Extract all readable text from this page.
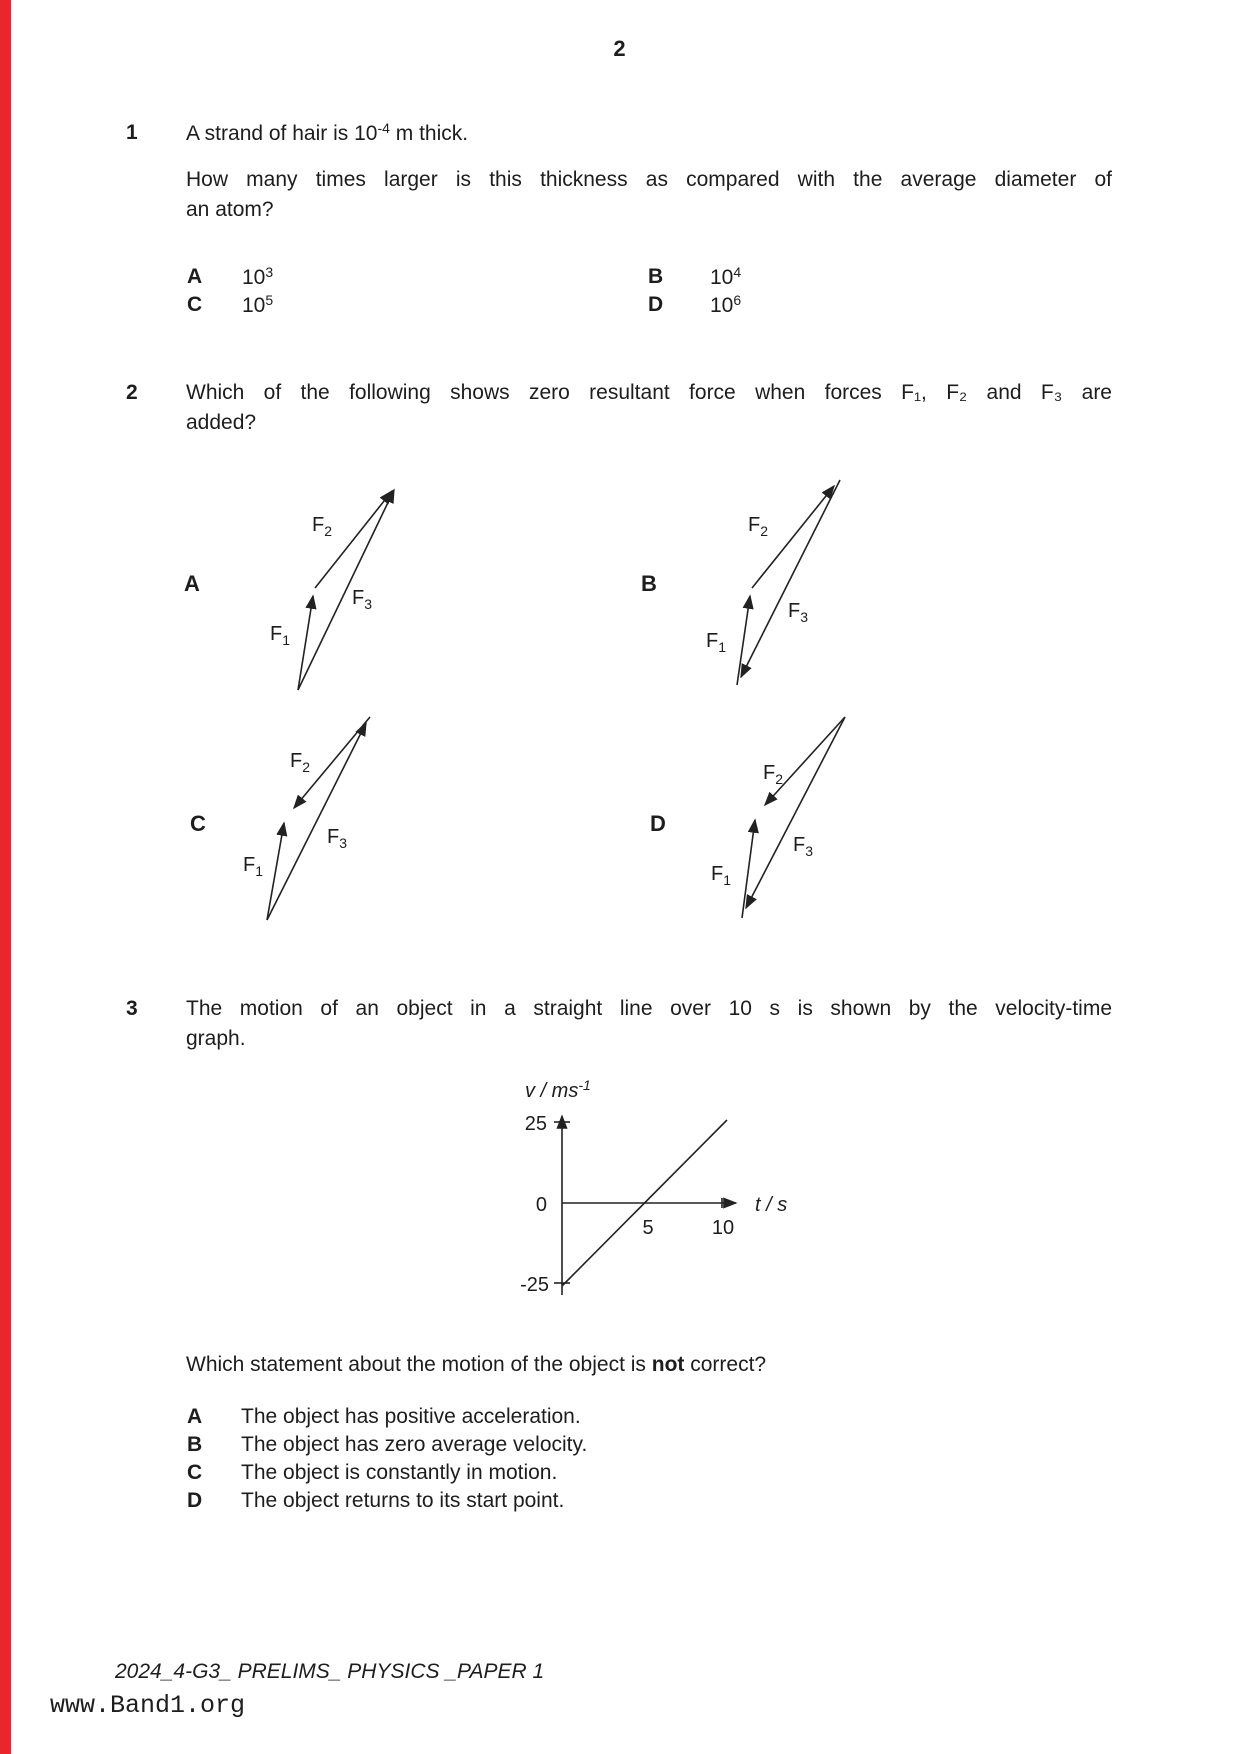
2
1 A strand of hair is $10^{-4}$ m thick.
How many times larger is this thickness as compared with the average diameter of
an atom?
A $10^3$	B $10^4$
C $10^5$	D $10^6$
2 Which of the following shows zero resultant force when forces F₁, F₂ and F₃ are
added?
A
$F_1$
$F_2$
$F_3$
B
$F_1$
$F_2$
$F_3$
C
$F_1$
$F_2$
$F_3$
D
$F_1$
$F_2$
$F_3$
3 The motion of an object in a straight line over 10 s is shown by the velocity-time
graph.
v / $ms^{-1}$
25
0
-25
5	10
t / s
Which statement about the motion of the object is not correct?
A The object has positive acceleration.
B The object has zero average velocity.
C The object is constantly in motion.
D The object returns to its start point.
2024_4-G3_ PRELIMS_ PHYSICS _PAPER 1
www.Band1.org
